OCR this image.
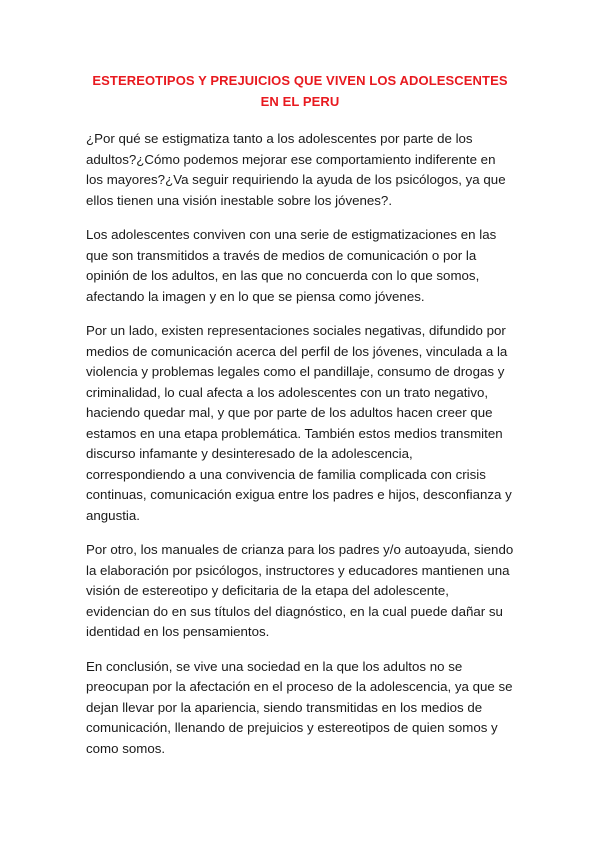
ESTEREOTIPOS Y PREJUICIOS QUE VIVEN LOS ADOLESCENTES EN EL PERU

¿Por qué se estigmatiza tanto a los adolescentes por parte de los adultos?¿Cómo podemos mejorar ese comportamiento indiferente en los mayores?¿Va seguir requiriendo la ayuda de los psicólogos, ya que ellos tienen una visión inestable sobre los jóvenes?.

Los adolescentes conviven con una serie de estigmatizaciones en las que son transmitidos a través de medios de comunicación o por la opinión de los adultos, en las que no concuerda con lo que somos, afectando la imagen y en lo que se piensa como jóvenes.

Por un lado, existen representaciones sociales negativas, difundido por medios de comunicación acerca del perfil de los jóvenes, vinculada a la violencia y problemas legales como el pandillaje, consumo de drogas y criminalidad, lo cual afecta a los adolescentes con un trato negativo, haciendo quedar mal, y que por parte de los adultos hacen creer que estamos en una etapa problemática. También estos medios transmiten discurso infamante y desinteresado de la adolescencia, correspondiendo a una convivencia de familia complicada con crisis continuas, comunicación exigua entre los padres e hijos, desconfianza y angustia.

Por otro, los manuales de crianza para los padres y/o autoayuda, siendo la elaboración por psicólogos, instructores y educadores mantienen una visión de estereotipo y deficitaria de la etapa del adolescente, evidencian do en sus títulos del diagnóstico, en la cual puede dañar su identidad en los pensamientos.

En conclusión, se vive una sociedad en la que los adultos no se preocupan por la afectación en el proceso de la adolescencia, ya que se dejan llevar por la apariencia, siendo transmitidas en los medios de comunicación, llenando de prejuicios y estereotipos de quien somos y como somos.
